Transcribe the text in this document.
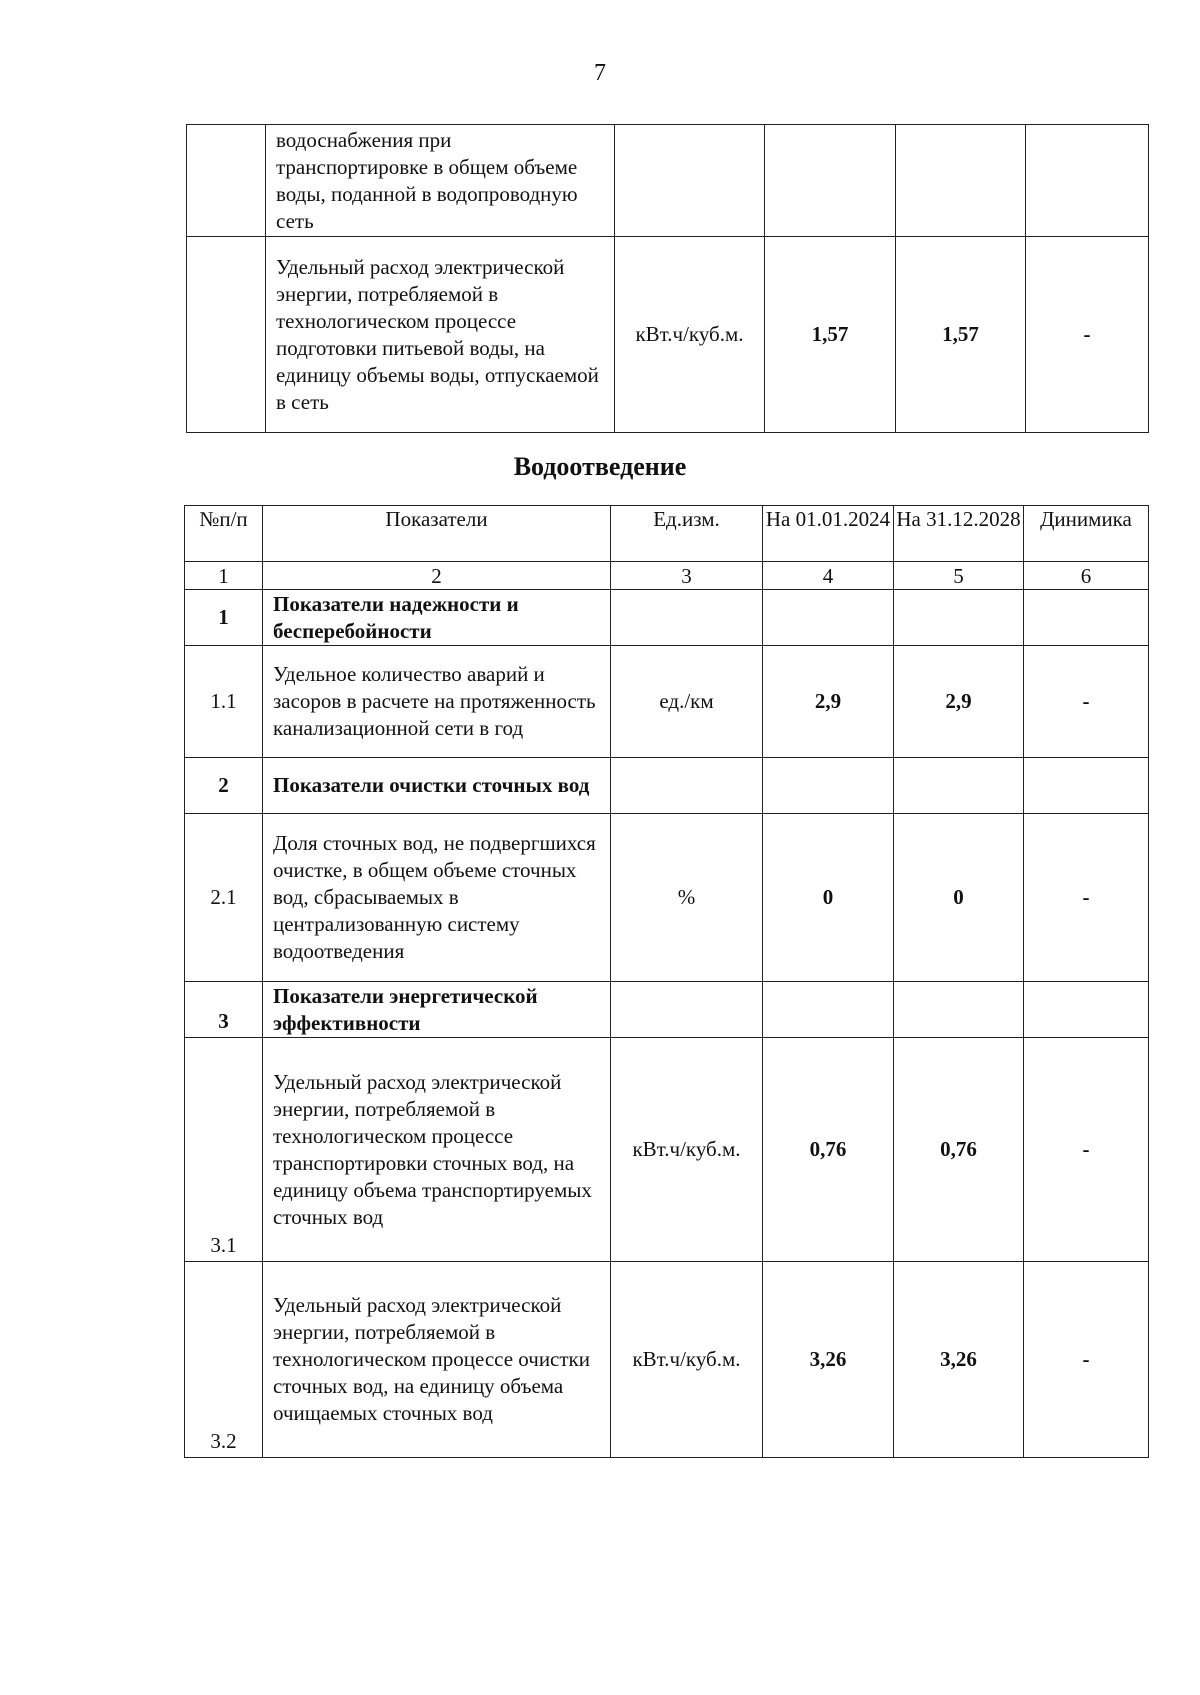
7
	водоснабжения при транспортировке в общем объеме воды, поданной в водопроводную сеть				
	Удельный расход электрической энергии, потребляемой в технологическом процессе подготовки питьевой воды, на единицу объемы воды, отпускаемой в сеть	кВт.ч/куб.м.	1,57	1,57	-
Водоотведение
№п/п	Показатели	Ед.изм.	На 01.01.2024	На 31.12.2028	Динимика
1	2	3	4	5	6
1	Показатели надежности и бесперебойности				
1.1	Удельное количество аварий и засоров в расчете на протяженность канализационной сети в год	ед./км	2,9	2,9	-
2	Показатели очистки сточных вод				
2.1	Доля сточных вод, не подвергшихся очистке, в общем объеме сточных вод, сбрасываемых в централизованную систему водоотведения	%	0	0	-
3	Показатели энергетической эффективности				
3.1	Удельный расход электрической энергии, потребляемой в технологическом процессе транспортировки сточных вод, на единицу объема транспортируемых сточных вод	кВт.ч/куб.м.	0,76	0,76	-
3.2	Удельный расход электрической энергии, потребляемой в технологическом процессе очистки сточных вод, на единицу объема очищаемых сточных вод	кВт.ч/куб.м.	3,26	3,26	-
